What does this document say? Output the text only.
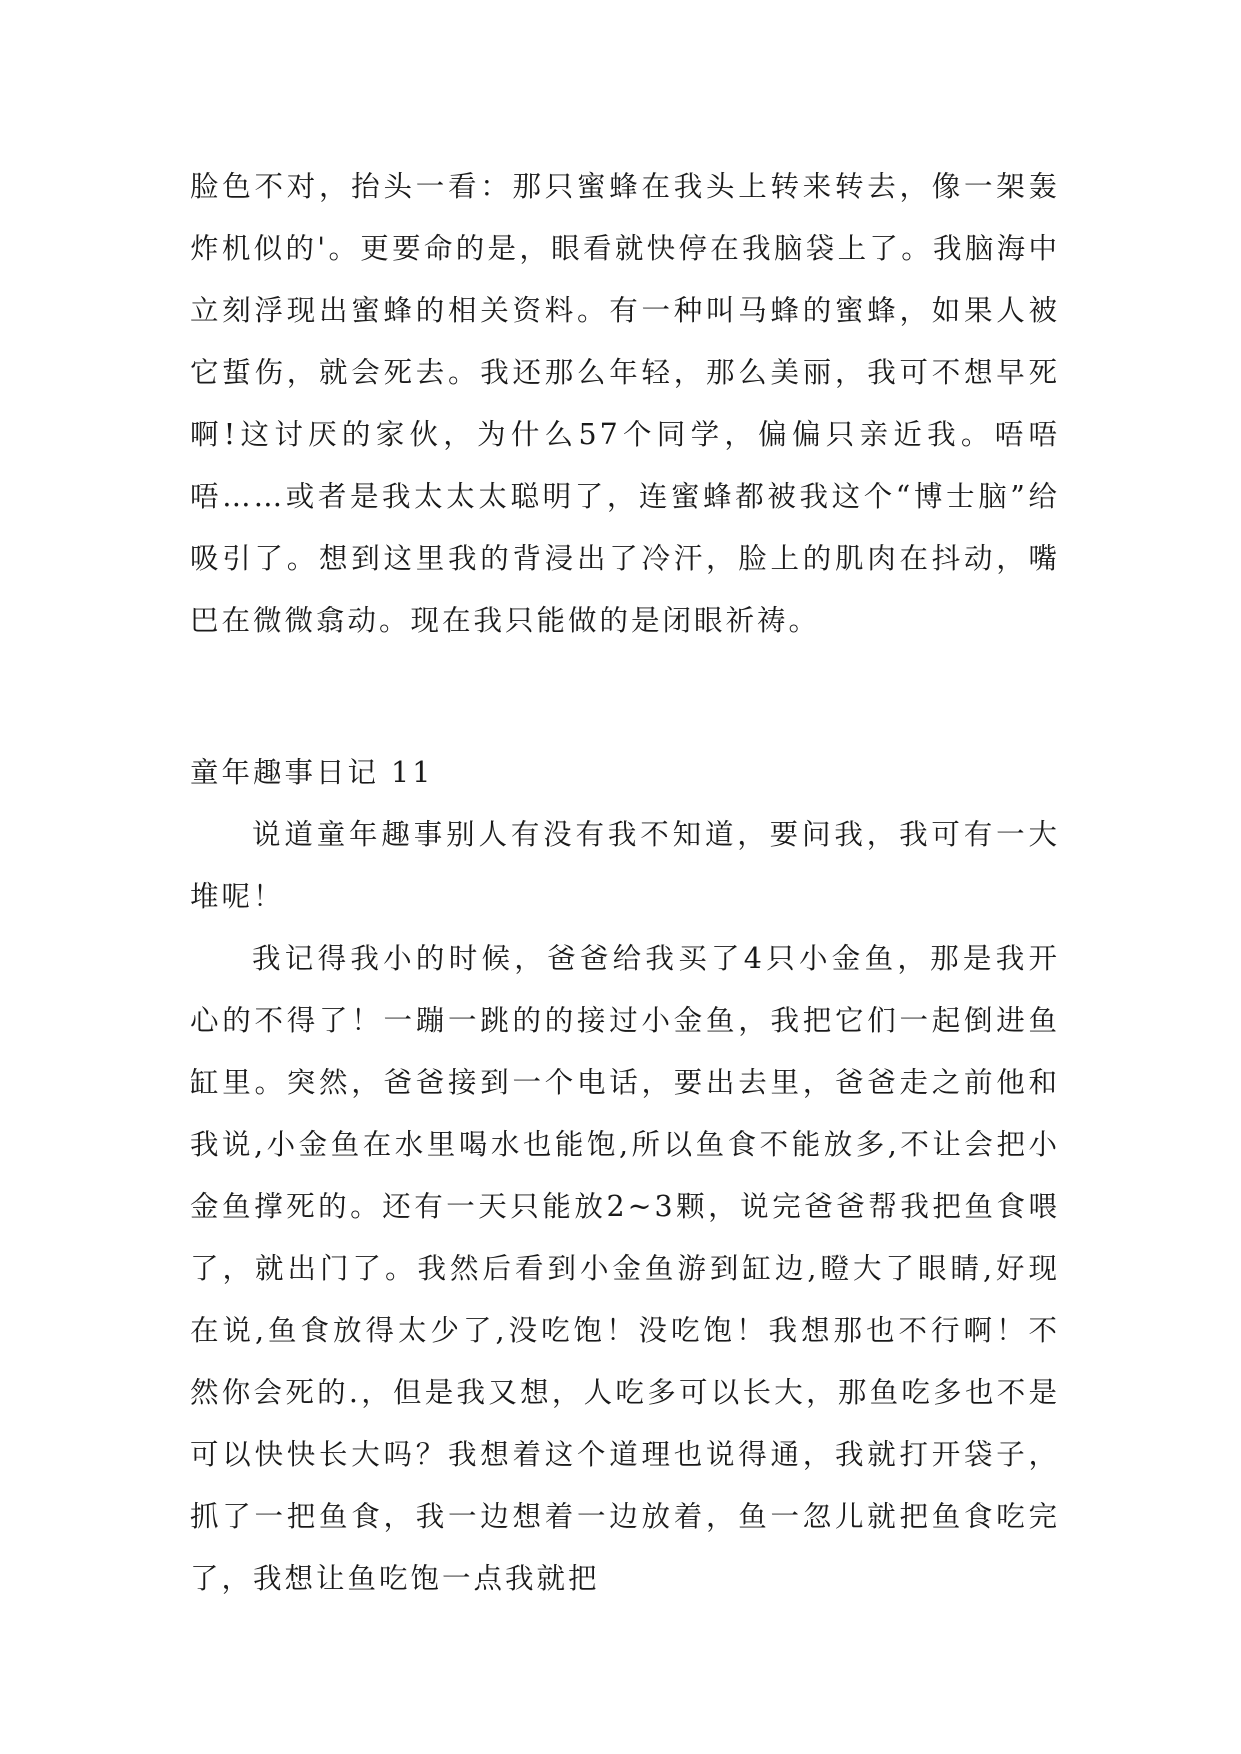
脸色不对，抬头一看：那只蜜蜂在我头上转来转去，像一架轰炸机似的'。更要命的是，眼看就快停在我脑袋上了。我脑海中立刻浮现出蜜蜂的相关资料。有一种叫马蜂的蜜蜂，如果人被它蜇伤，就会死去。我还那么年轻，那么美丽，我可不想早死啊!这讨厌的家伙，为什么57个同学，偏偏只亲近我。唔唔唔……或者是我太太太聪明了，连蜜蜂都被我这个“博士脑”给吸引了。想到这里我的背浸出了冷汗，脸上的肌肉在抖动，嘴巴在微微翕动。现在我只能做的是闭眼祈祷。

童年趣事日记 11

说道童年趣事别人有没有我不知道，要问我，我可有一大堆呢！

我记得我小的时候，爸爸给我买了4只小金鱼，那是我开心的不得了！一蹦一跳的的接过小金鱼，我把它们一起倒进鱼缸里。突然，爸爸接到一个电话，要出去里，爸爸走之前他和我说,小金鱼在水里喝水也能饱,所以鱼食不能放多,不让会把小金鱼撑死的。还有一天只能放2~3颗，说完爸爸帮我把鱼食喂了，就出门了。我然后看到小金鱼游到缸边,瞪大了眼睛,好现在说,鱼食放得太少了,没吃饱！没吃饱！我想那也不行啊！不然你会死的.，但是我又想，人吃多可以长大，那鱼吃多也不是可以快快长大吗？我想着这个道理也说得通，我就打开袋子，抓了一把鱼食，我一边想着一边放着，鱼一忽儿就把鱼食吃完了，我想让鱼吃饱一点我就把
